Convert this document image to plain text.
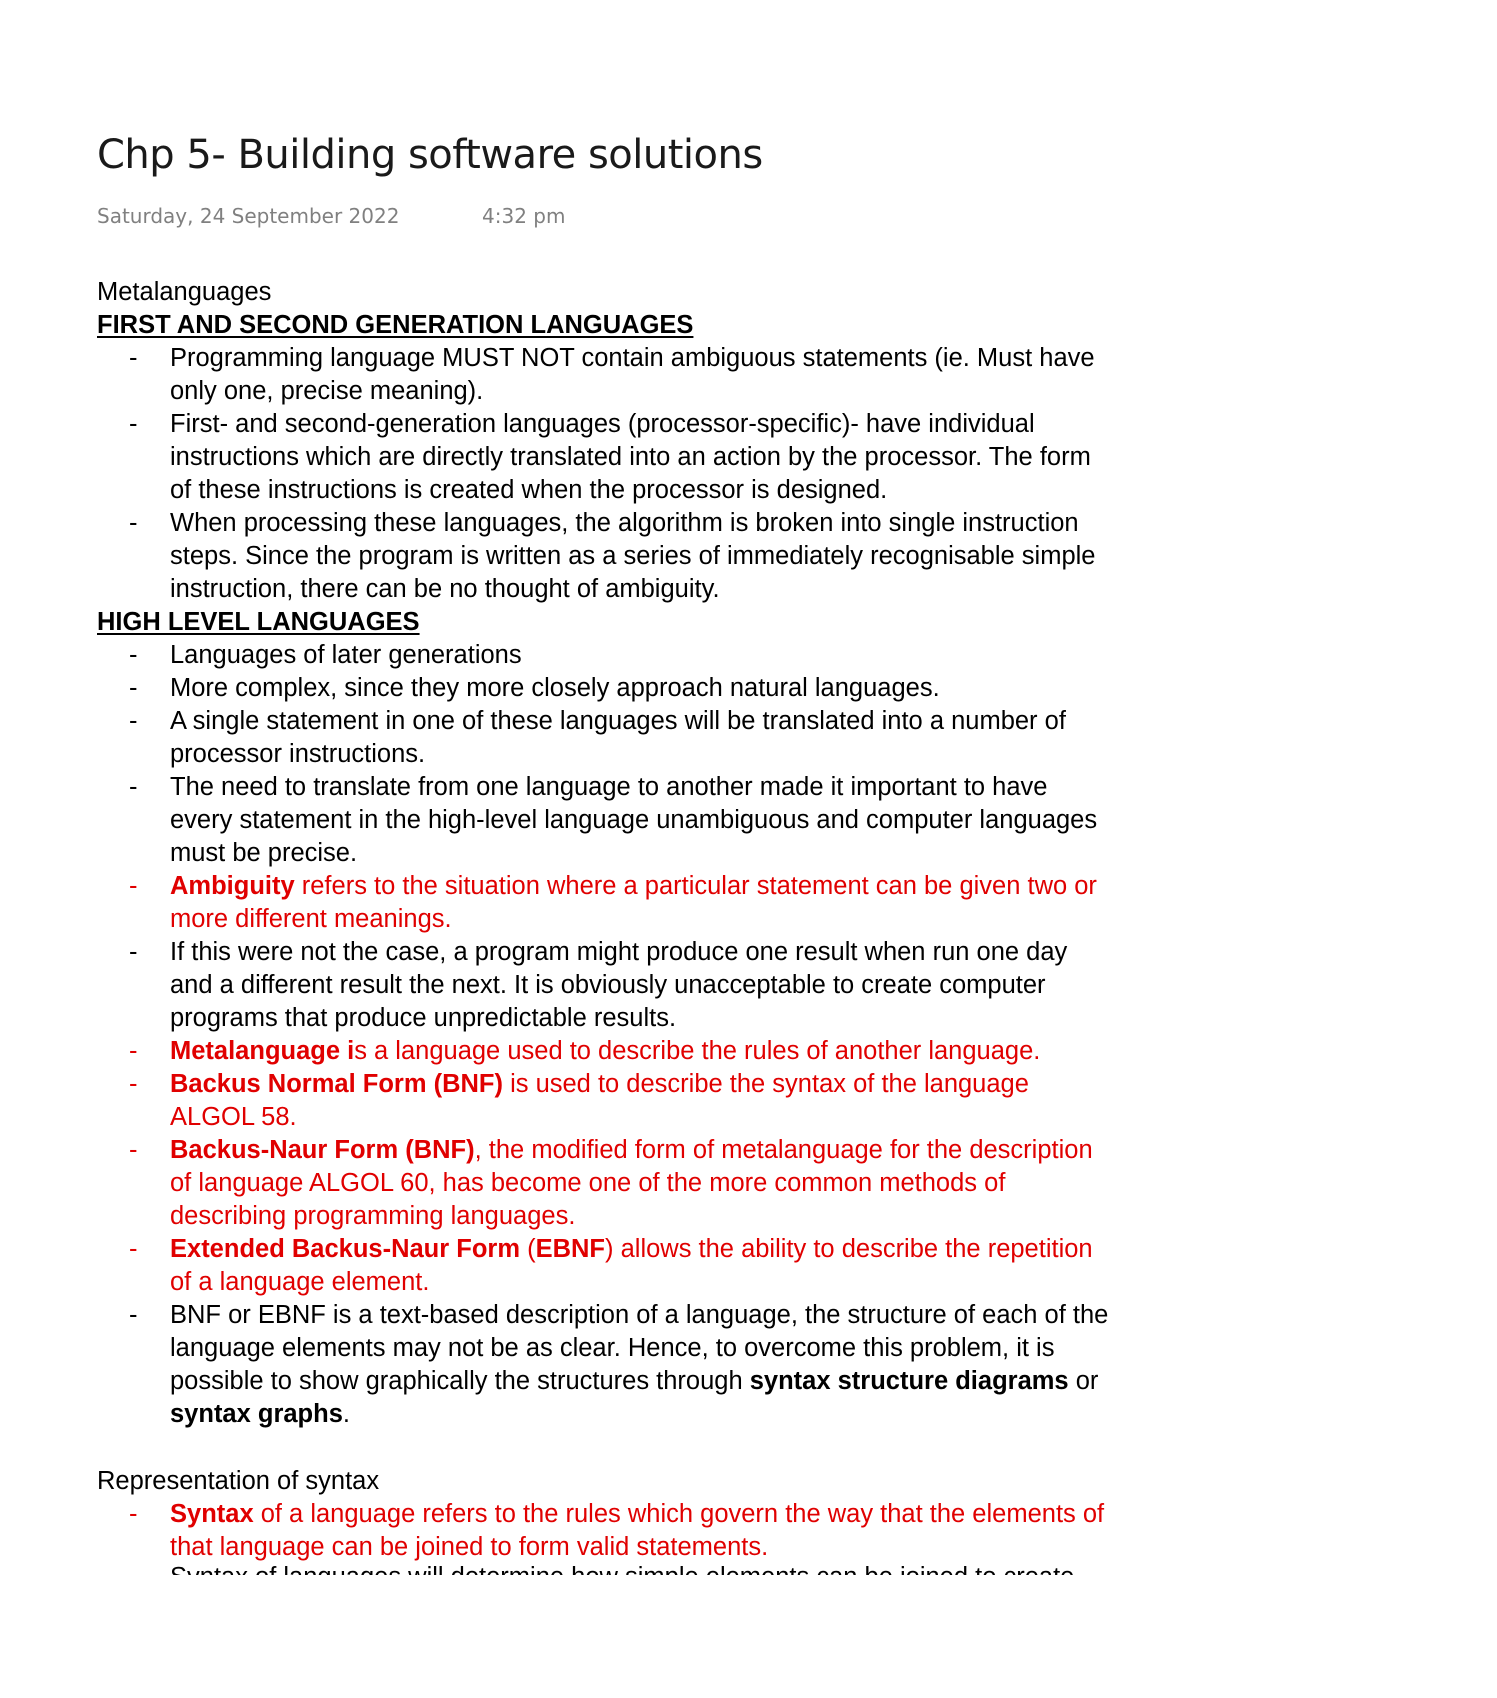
Chp 5- Building software solutions
Saturday, 24 September 2022	4:32 pm

Metalanguages

FIRST AND SECOND GENERATION LANGUAGES

- Programming language MUST NOT contain ambiguous statements (ie. Must have
only one, precise meaning).
- First- and second-generation languages (processor-specific)- have individual
instructions which are directly translated into an action by the processor. The form
of these instructions is created when the processor is designed.
- When processing these languages, the algorithm is broken into single instruction
steps. Since the program is written as a series of immediately recognisable simple
instruction, there can be no thought of ambiguity.

HIGH LEVEL LANGUAGES

- Languages of later generations
- More complex, since they more closely approach natural languages.
- A single statement in one of these languages will be translated into a number of
processor instructions.
- The need to translate from one language to another made it important to have
every statement in the high-level language unambiguous and computer languages
must be precise.
- Ambiguity refers to the situation where a particular statement can be given two or
more different meanings.
- If this were not the case, a program might produce one result when run one day
and a different result the next. It is obviously unacceptable to create computer
programs that produce unpredictable results.
- Metalanguage is a language used to describe the rules of another language.
- Backus Normal Form (BNF) is used to describe the syntax of the language
ALGOL 58.
- Backus-Naur Form (BNF), the modified form of metalanguage for the description
of language ALGOL 60, has become one of the more common methods of
describing programming languages.
- Extended Backus-Naur Form (EBNF) allows the ability to describe the repetition
of a language element.
- BNF or EBNF is a text-based description of a language, the structure of each of the
language elements may not be as clear. Hence, to overcome this problem, it is
possible to show graphically the structures through syntax structure diagrams or
syntax graphs.

Representation of syntax

- Syntax of a language refers to the rules which govern the way that the elements of
that language can be joined to form valid statements.
